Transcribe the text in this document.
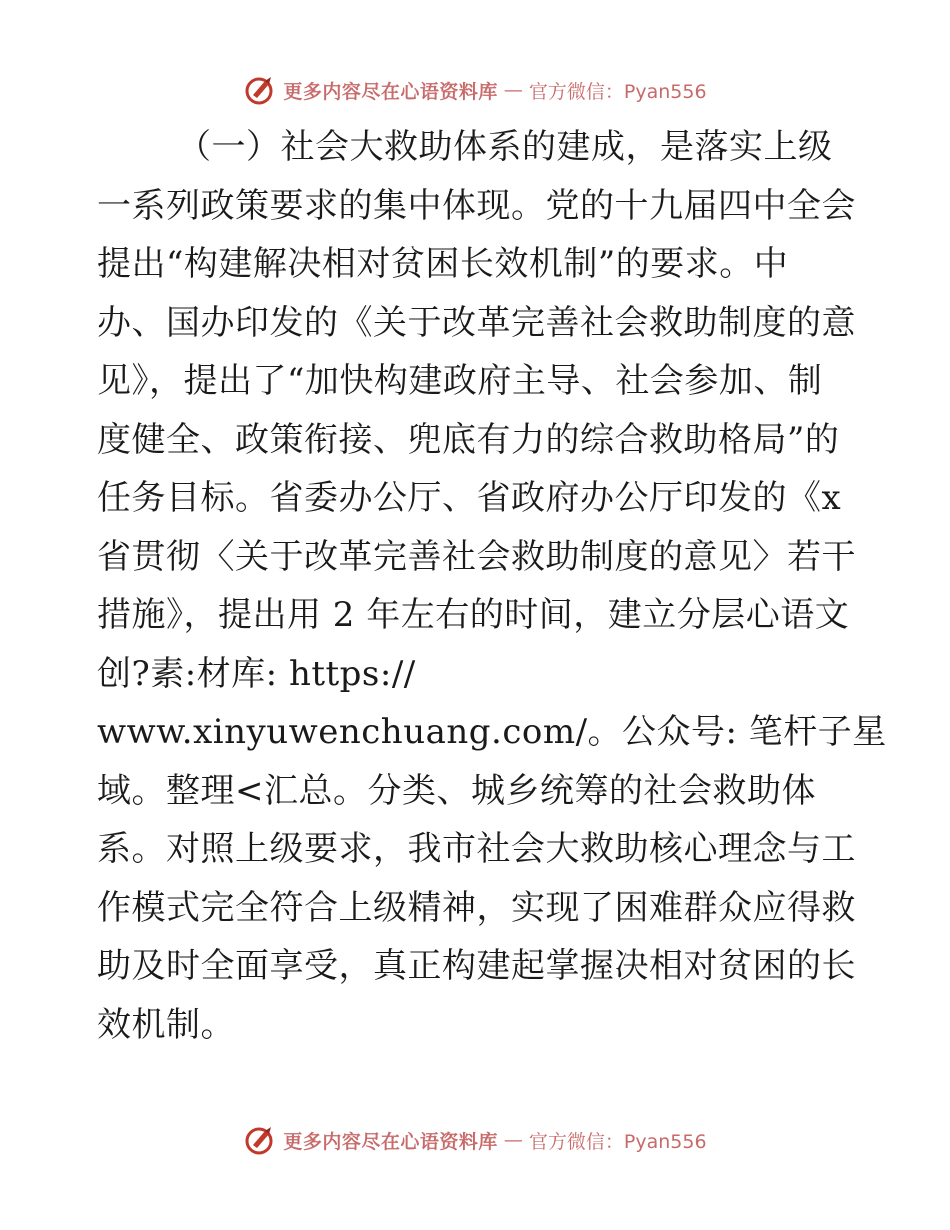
更多内容尽在心语资料库 — 官方微信：Pyan556
（一）社会大救助体系的建成，是落实上级
一系列政策要求的集中体现。党的十九届四中全会
提出“构建解决相对贫困长效机制”的要求。中
办、国办印发的《关于改革完善社会救助制度的意
见》，提出了“加快构建政府主导、社会参加、制
度健全、政策衔接、兜底有力的综合救助格局”的
任务目标。省委办公厅、省政府办公厅印发的《x
省贯彻〈关于改革完善社会救助制度的意见〉若干
措施》，提出用 2 年左右的时间，建立分层心语文
创?素:材库: https://
www.xinyuwenchuang.com/。公众号: 笔杆子星
域。整理<汇总。分类、城乡统筹的社会救助体
系。对照上级要求，我市社会大救助核心理念与工
作模式完全符合上级精神，实现了困难群众应得救
助及时全面享受，真正构建起掌握决相对贫困的长
效机制。
更多内容尽在心语资料库 — 官方微信：Pyan556
